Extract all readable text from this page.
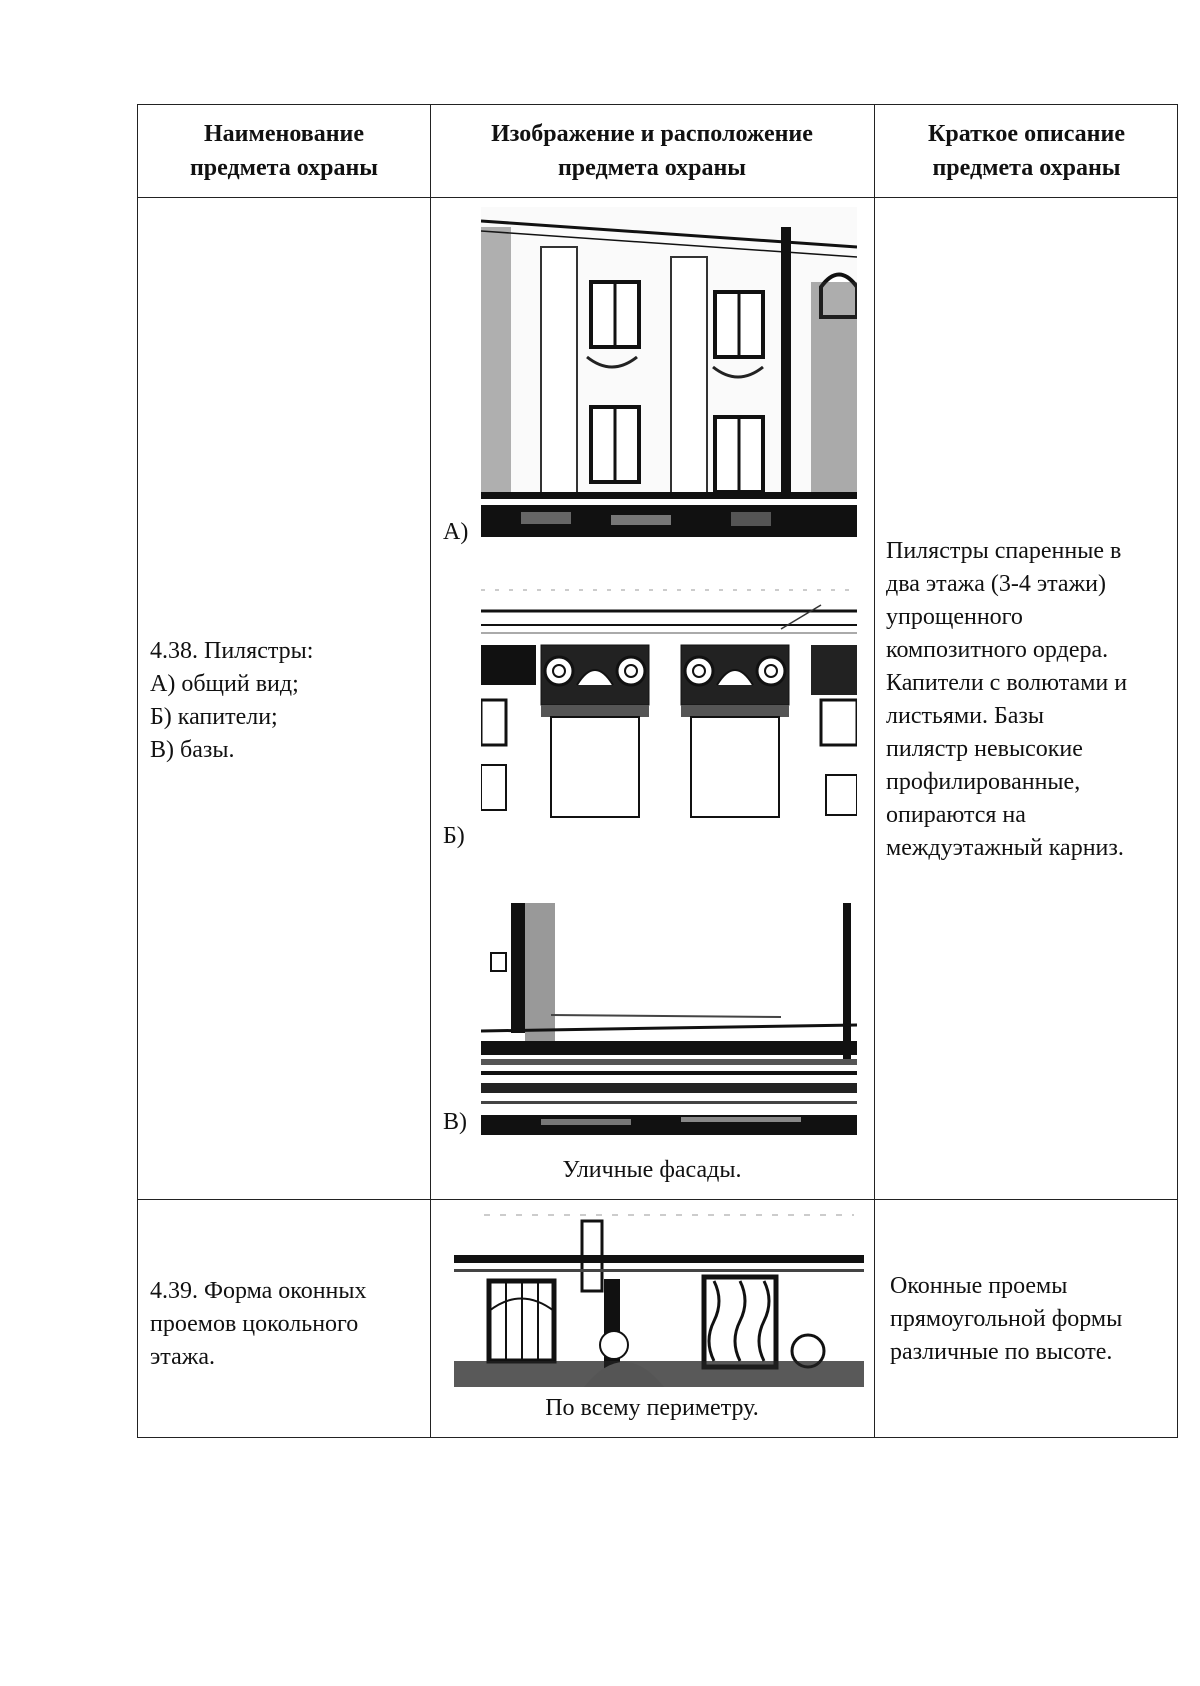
Наименование
предмета охраны
Изображение и расположение
предмета охраны
Краткое описание
предмета охраны
4.38. Пилястры:
А) общий вид;
Б) капители;
В) базы.
А)
Б)
В)
Уличные фасады.
Пилястры спаренные в
два этажа (3-4 этажи)
упрощенного
композитного ордера.
Капители с волютами и
листьями. Базы
пилястр невысокие
профилированные,
опираются на
междуэтажный карниз.
4.39. Форма оконных
проемов цокольного
этажа.
По всему периметру.
Оконные проемы
прямоугольной формы
различные по высоте.
